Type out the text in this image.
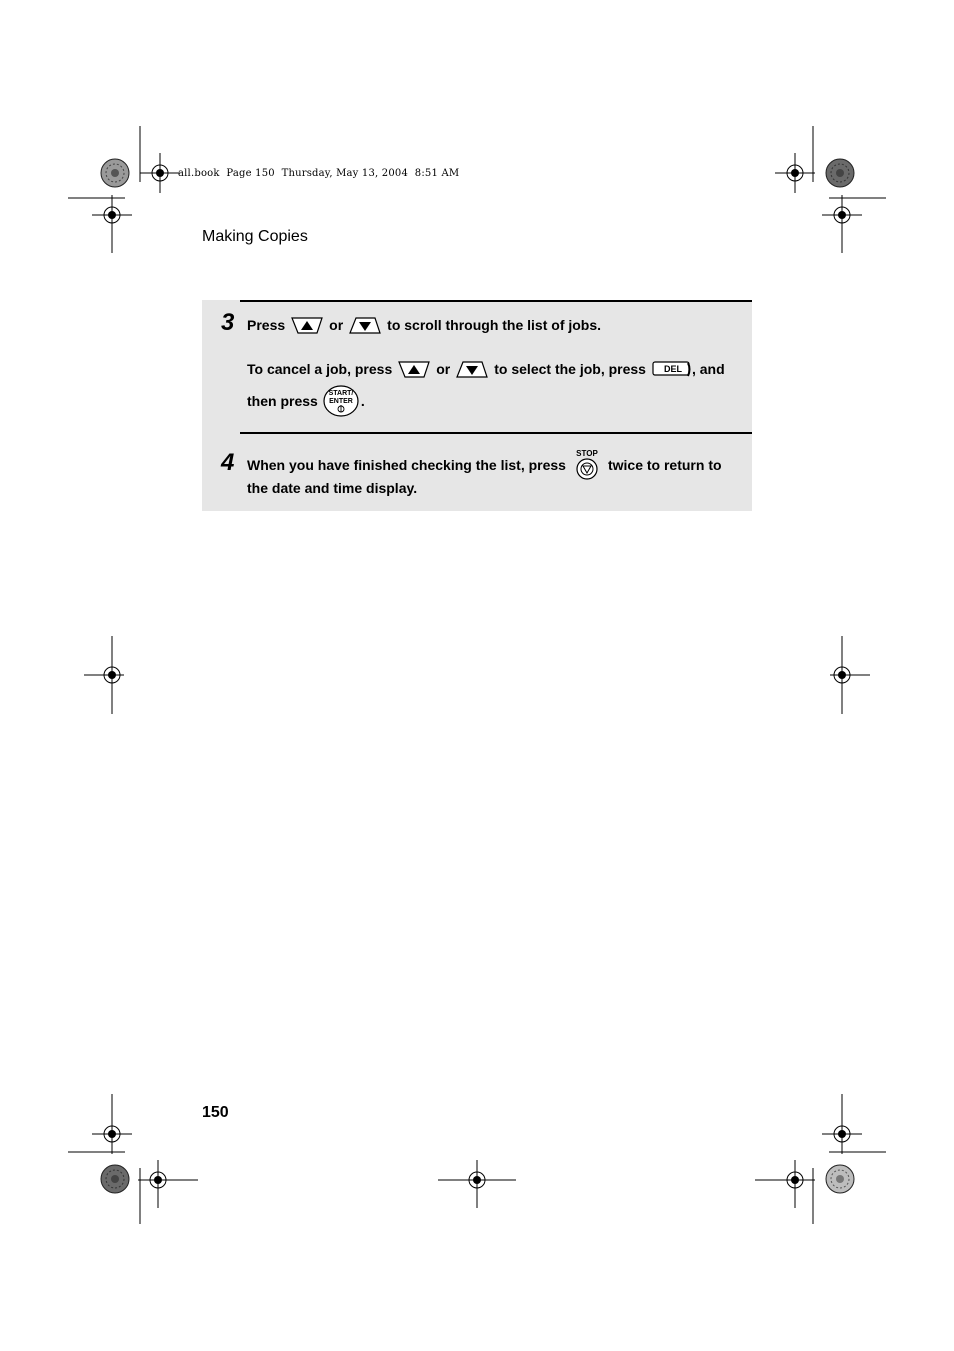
all.book  Page 150  Thursday, May 13, 2004  8:51 AM
Making Copies
3 Press	or	to scroll through the list of jobs.
To cancel a job, press	or	to select the job, press DEL , and
then press START/
ENTER .
4 When you have finished checking the list, press
STOP
twice to return to
the date and time display.
150
